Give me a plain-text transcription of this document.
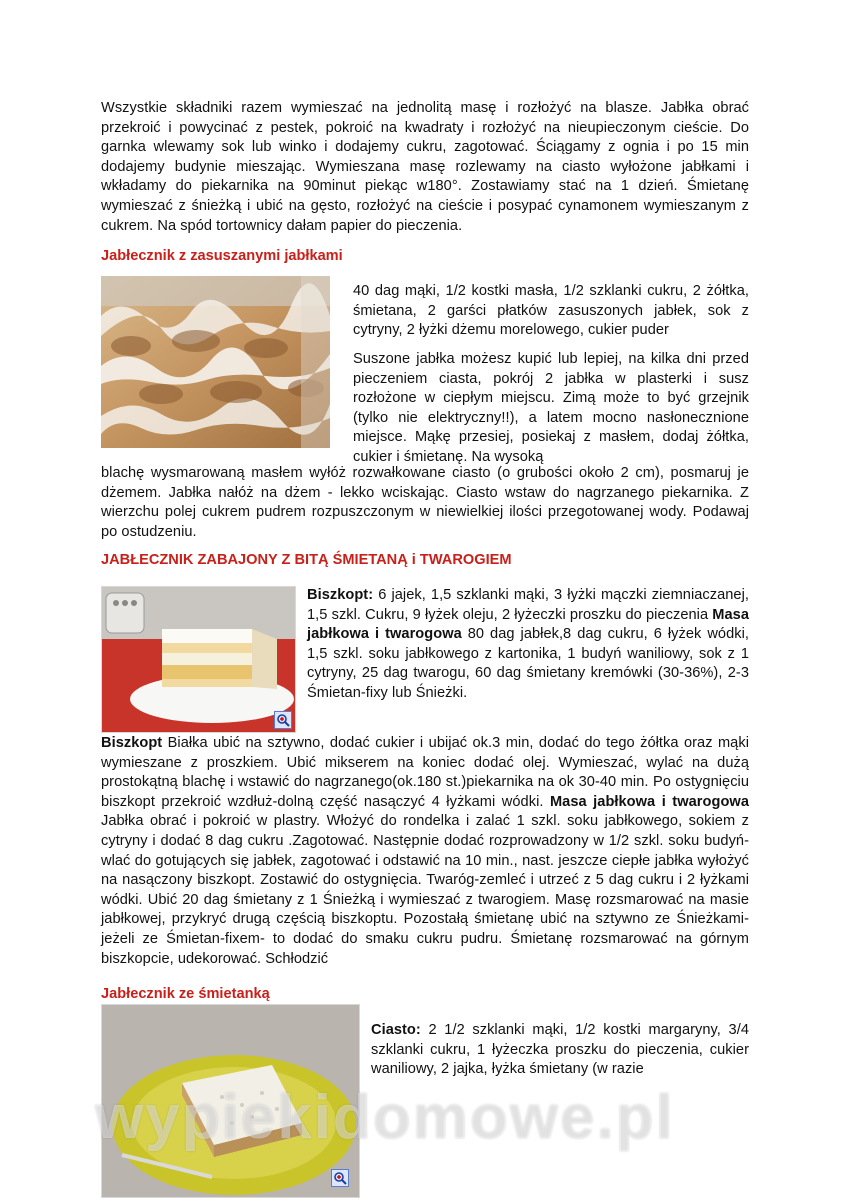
Wszystkie składniki razem wymieszać na jednolitą masę i rozłożyć na blasze. Jabłka obrać przekroić i powycinać z pestek, pokroić na kwadraty i rozłożyć na nieupieczonym cieście. Do garnka wlewamy sok lub winko i dodajemy cukru, zagotować. Ściągamy z ognia i po 15 min dodajemy budynie mieszając. Wymieszana masę rozlewamy na ciasto wyłożone jabłkami i wkładamy do piekarnika na 90minut piekąc w180°. Zostawiamy stać na 1 dzień. Śmietanę wymieszać z śnieżką i ubić na gęsto, rozłożyć na cieście i posypać cynamonem wymieszanym z cukrem. Na spód tortownicy dałam papier do pieczenia.

Jabłecznik z zasuszanymi jabłkami

40 dag mąki, 1/2 kostki masła, 1/2 szklanki cukru, 2 żółtka, śmietana, 2 garści płatków zasuszonych jabłek, sok z cytryny, 2 łyżki dżemu morelowego, cukier puder

Suszone jabłka możesz kupić lub lepiej, na kilka dni przed pieczeniem ciasta, pokrój 2 jabłka w plasterki i susz rozłożone w ciepłym miejscu. Zimą może to być grzejnik (tylko nie elektryczny!!), a latem mocno nasłonecznione miejsce. Mąkę przesiej, posiekaj z masłem, dodaj żółtka, cukier i śmietanę. Na wysoką

blachę wysmarowaną masłem wyłóż rozwałkowane ciasto (o grubości około 2 cm), posmaruj je dżemem. Jabłka nałóż na dżem - lekko wciskając. Ciasto wstaw do nagrzanego piekarnika. Z wierzchu polej cukrem pudrem rozpuszczonym w niewielkiej ilości przegotowanej wody. Podawaj po ostudzeniu.

JABŁECZNIK ZABAJONY Z BITĄ ŚMIETANĄ i TWAROGIEM

Biszkopt: 6 jajek, 1,5 szklanki mąki, 3 łyżki mączki ziemniaczanej, 1,5 szkl. Cukru, 9 łyżek oleju, 2 łyżeczki proszku do pieczenia Masa jabłkowa i twarogowa 80 dag jabłek,8 dag cukru, 6 łyżek wódki, 1,5 szkl. soku jabłkowego z kartonika, 1 budyń waniliowy, sok z 1 cytryny, 25 dag twarogu, 60 dag śmietany kremówki (30-36%), 2-3 Śmietan-fixy lub Śnieżki.

Biszkopt Białka ubić na sztywno, dodać cukier i ubijać ok.3 min, dodać do tego żółtka oraz mąki wymieszane z proszkiem. Ubić mikserem na koniec dodać olej. Wymieszać, wylać na dużą prostokątną blachę i wstawić do nagrzanego(ok.180 st.)piekarnika na ok 30-40 min. Po ostygnięciu biszkopt przekroić wzdłuż-dolną część nasączyć 4 łyżkami wódki. Masa jabłkowa i twarogowa Jabłka obrać i pokroić w plastry. Włożyć do rondelka i zalać 1 szkl. soku jabłkowego, sokiem z cytryny i dodać 8 dag cukru .Zagotować. Następnie dodać rozprowadzony w 1/2 szkl. soku budyń-wlać do gotujących się jabłek, zagotować i odstawić na 10 min., nast. jeszcze ciepłe jabłka wyłożyć na nasączony biszkopt. Zostawić do ostygnięcia. Twaróg-zemleć i utrzeć z 5 dag cukru i 2 łyżkami wódki. Ubić 20 dag śmietany z 1 Śnieżką i wymieszać z twarogiem. Masę rozsmarować na masie jabłkowej, przykryć drugą częścią biszkoptu. Pozostałą śmietanę ubić na sztywno ze Śnieżkami-jeżeli ze Śmietan-fixem- to dodać do smaku cukru pudru. Śmietanę rozsmarować na górnym biszkopcie, udekorować. Schłodzić

Jabłecznik ze śmietanką

Ciasto: 2 1/2 szklanki mąki, 1/2 kostki margaryny, 3/4 szklanki cukru, 1 łyżeczka proszku do pieczenia, cukier waniliowy, 2 jajka, łyżka śmietany (w razie

wypiekidomowe.pl
